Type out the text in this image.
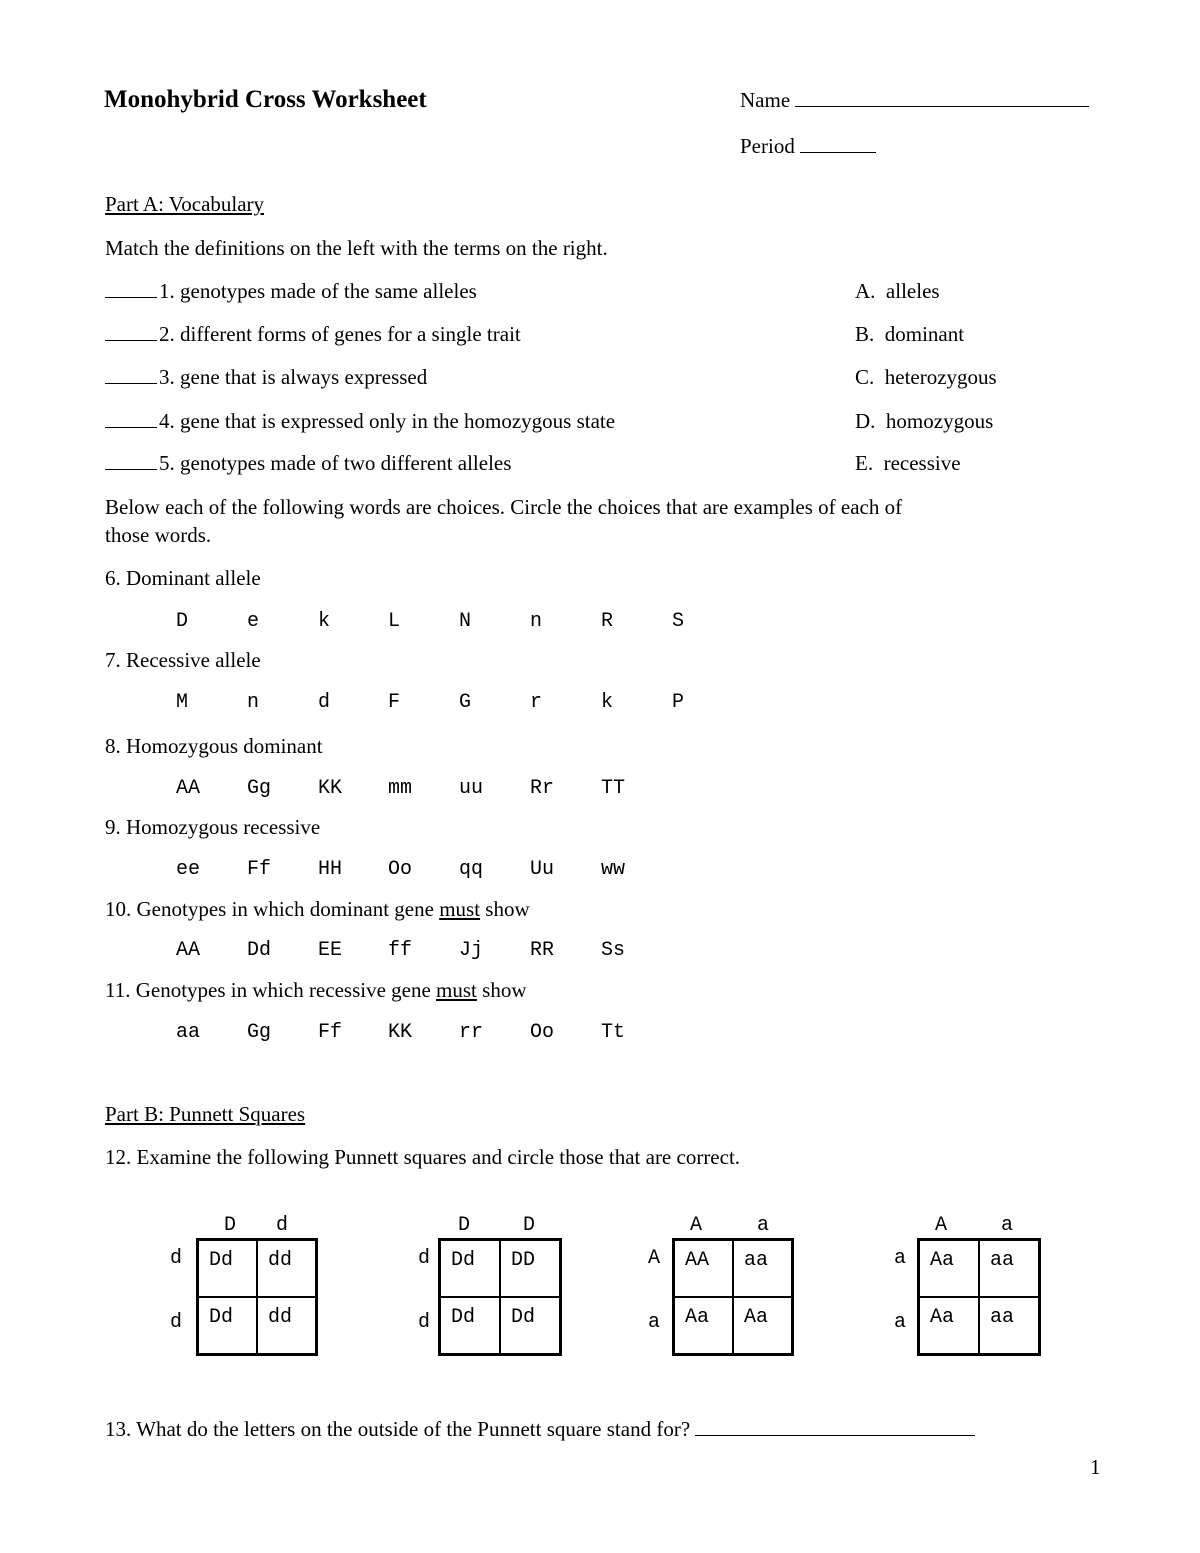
Monohybrid Cross Worksheet	Name
Period
Part A: Vocabulary
Match the definitions on the left with the terms on the right.
1. genotypes made of the same alleles
2. different forms of genes for a single trait
3. gene that is always expressed
4. gene that is expressed only in the homozygous state
5. genotypes made of two different alleles
A. alleles
B. dominant
C. heterozygous
D. homozygous
E. recessive
Below each of the following words are choices. Circle the choices that are examples of each of
those words.
6. Dominant allele
D	e	k	L	N	n	R	S
7. Recessive allele
M	n	d	F	G	r	k	P
8. Homozygous dominant
AA Gg KK mm uu Rr TT
9. Homozygous recessive
ee Ff HH Oo qq Uu ww
10. Genotypes in which dominant gene must show
AA Dd EE ff Jj RR Ss
11. Genotypes in which recessive gene must show
aa Gg Ff KK rr Oo Tt
Part B: Punnett Squares
12. Examine the following Punnett squares and circle those that are correct.
D d
d
d
Dd dd
Dd dd
D	D
d
d
Dd DD
Dd Dd
A	a
A
a
AA aa
Aa Aa
A	a
a
a
Aa aa
Aa aa
13. What do the letters on the outside of the Punnett square stand for?
1
